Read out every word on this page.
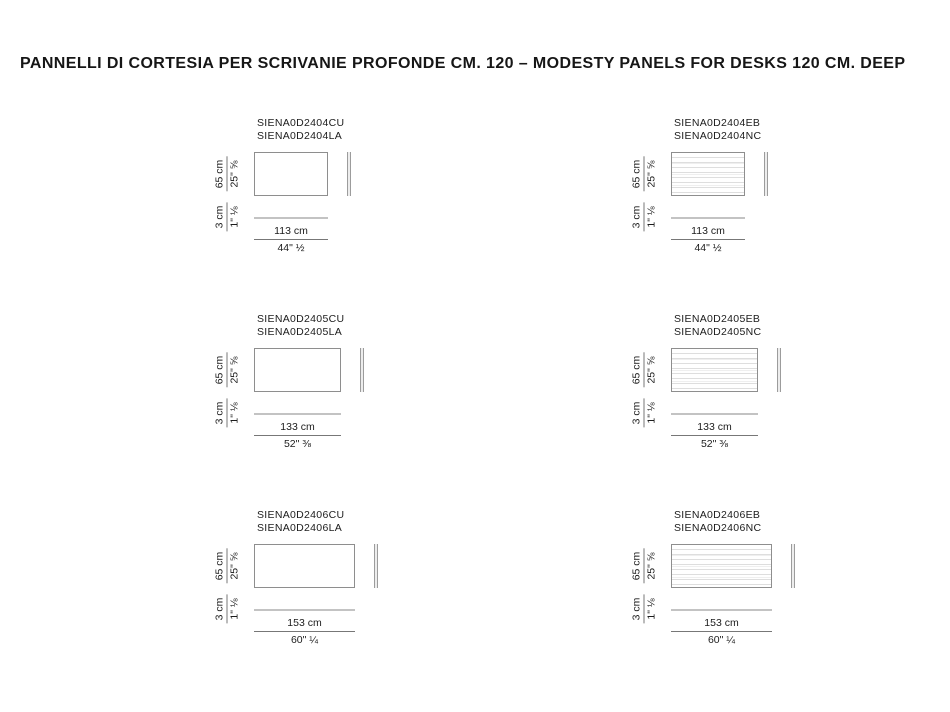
PANNELLI DI CORTESIA PER SCRIVANIE PROFONDE CM. 120 – MODESTY PANELS FOR DESKS 120 CM. DEEP
SIENA0D2404CU
SIENA0D2404LA
65 cm 25" ⅝
3 cm 1" ⅛
113 cm
44" ½
SIENA0D2404EB
SIENA0D2404NC
65 cm 25" ⅝
3 cm 1" ⅛
113 cm
44" ½
SIENA0D2405CU
SIENA0D2405LA
65 cm 25" ⅝
3 cm 1" ⅛
133 cm
52" ⅜
SIENA0D2405EB
SIENA0D2405NC
65 cm 25" ⅝
3 cm 1" ⅛
133 cm
52" ⅜
SIENA0D2406CU
SIENA0D2406LA
65 cm 25" ⅝
3 cm 1" ⅛
153 cm
60" ¼
SIENA0D2406EB
SIENA0D2406NC
65 cm 25" ⅝
3 cm 1" ⅛
153 cm
60" ¼
